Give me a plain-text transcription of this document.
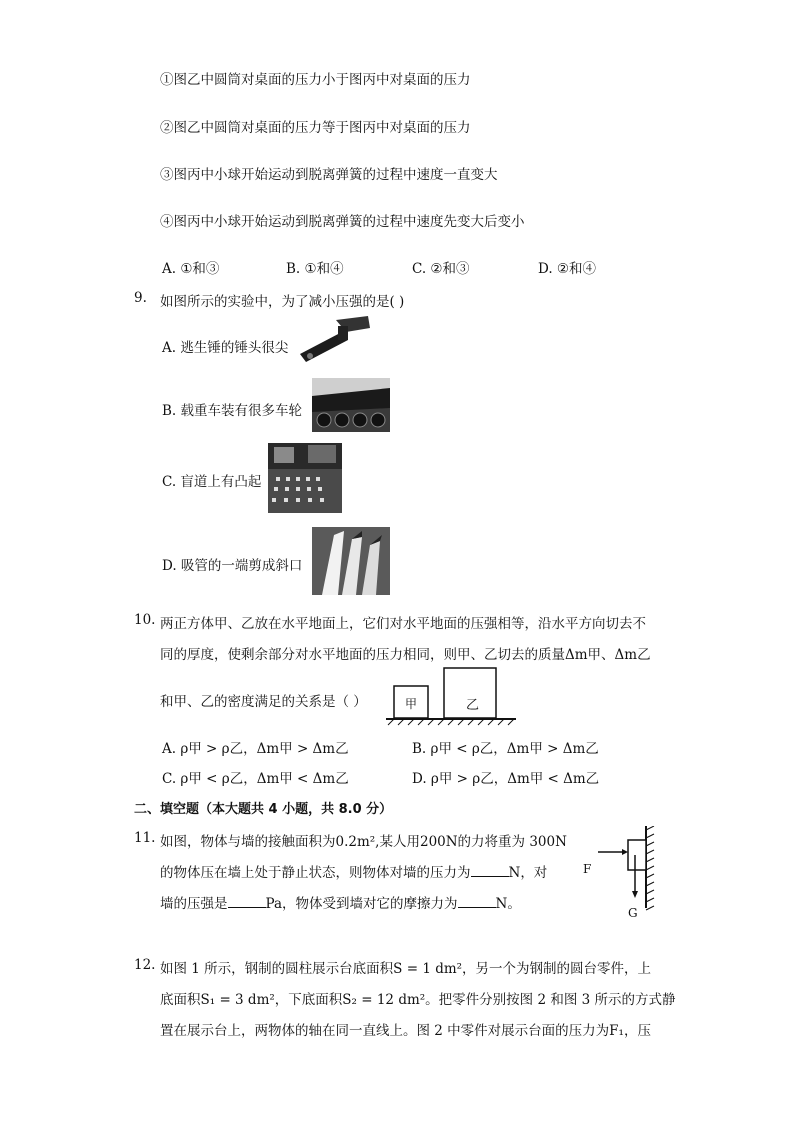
①图乙中圆筒对桌面的压力小于图丙中对桌面的压力
②图乙中圆筒对桌面的压力等于图丙中对桌面的压力
③图丙中小球开始运动到脱离弹簧的过程中速度一直变大
④图丙中小球开始运动到脱离弹簧的过程中速度先变大后变小
A. ①和③	B. ①和④	C. ②和③	D. ②和④
9. 如图所示的实验中，为了减小压强的是( )
A. 逃生锤的锤头很尖
B. 载重车装有很多车轮
C. 盲道上有凸起
D. 吸管的一端剪成斜口
10. 两正方体甲、乙放在水平地面上，它们对水平地面的压强相等，沿水平方向切去不
同的厚度，使剩余部分对水平地面的压力相同，则甲、乙切去的质量Δm甲、Δm乙
和甲、乙的密度满足的关系是（ ）	甲	乙
A. ρ甲 > ρ乙，Δm甲 > Δm乙	B. ρ甲 < ρ乙，Δm甲 > Δm乙
C. ρ甲 < ρ乙，Δm甲 < Δm乙	D. ρ甲 > ρ乙，Δm甲 < Δm乙
二、填空题（本大题共 4 小题，共 8.0 分）
11. 如图，物体与墙的接触面积为0.2m²,某人用200N的力将重为 300N
的物体压在墙上处于静止状态，则物体对墙的压力为	N，对
墙的压强是	Pa，物体受到墙对它的摩擦力为	N。
F
G
12. 如图 1 所示，钢制的圆柱展示台底面积S = 1 dm²，另一个为钢制的圆台零件，上
底面积S₁ = 3 dm²，下底面积S₂ = 12 dm²。把零件分别按图 2 和图 3 所示的方式静
置在展示台上，两物体的轴在同一直线上。图 2 中零件对展示台面的压力为F₁，压
